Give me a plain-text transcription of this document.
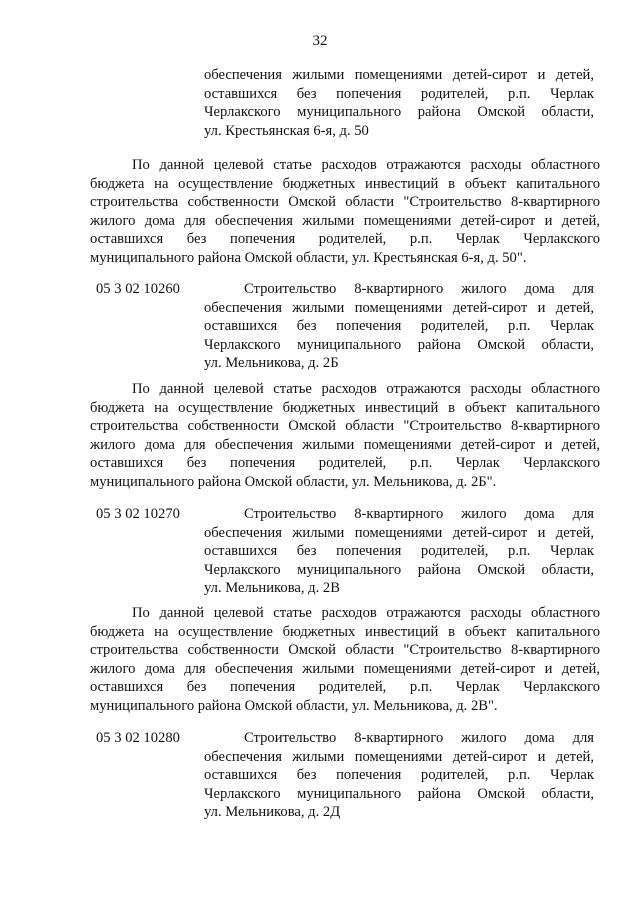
32
обеспечения жилыми помещениями детей-сирот и детей,
оставшихся без попечения родителей, р.п. Черлак
Черлакского муниципального района Омской области,
ул. Крестьянская 6-я, д. 50
По данной целевой статье расходов отражаются расходы областного
бюджета на осуществление бюджетных инвестиций в объект капитального
строительства собственности Омской области "Строительство 8-квартирного
жилого дома для обеспечения жилыми помещениями детей-сирот и детей,
оставшихся без попечения родителей, р.п. Черлак Черлакского
муниципального района Омской области, ул. Крестьянская 6-я, д. 50".
05 3 02 10260	Строительство 8-квартирного жилого дома для
обеспечения жилыми помещениями детей-сирот и детей,
оставшихся без попечения родителей, р.п. Черлак
Черлакского муниципального района Омской области,
ул. Мельникова, д. 2Б
По данной целевой статье расходов отражаются расходы областного
бюджета на осуществление бюджетных инвестиций в объект капитального
строительства собственности Омской области "Строительство 8-квартирного
жилого дома для обеспечения жилыми помещениями детей-сирот и детей,
оставшихся без попечения родителей, р.п. Черлак Черлакского
муниципального района Омской области, ул. Мельникова, д. 2Б".
05 3 02 10270	Строительство 8-квартирного жилого дома для
обеспечения жилыми помещениями детей-сирот и детей,
оставшихся без попечения родителей, р.п. Черлак
Черлакского муниципального района Омской области,
ул. Мельникова, д. 2В
По данной целевой статье расходов отражаются расходы областного
бюджета на осуществление бюджетных инвестиций в объект капитального
строительства собственности Омской области "Строительство 8-квартирного
жилого дома для обеспечения жилыми помещениями детей-сирот и детей,
оставшихся без попечения родителей, р.п. Черлак Черлакского
муниципального района Омской области, ул. Мельникова, д. 2В".
05 3 02 10280	Строительство 8-квартирного жилого дома для
обеспечения жилыми помещениями детей-сирот и детей,
оставшихся без попечения родителей, р.п. Черлак
Черлакского муниципального района Омской области,
ул. Мельникова, д. 2Д
